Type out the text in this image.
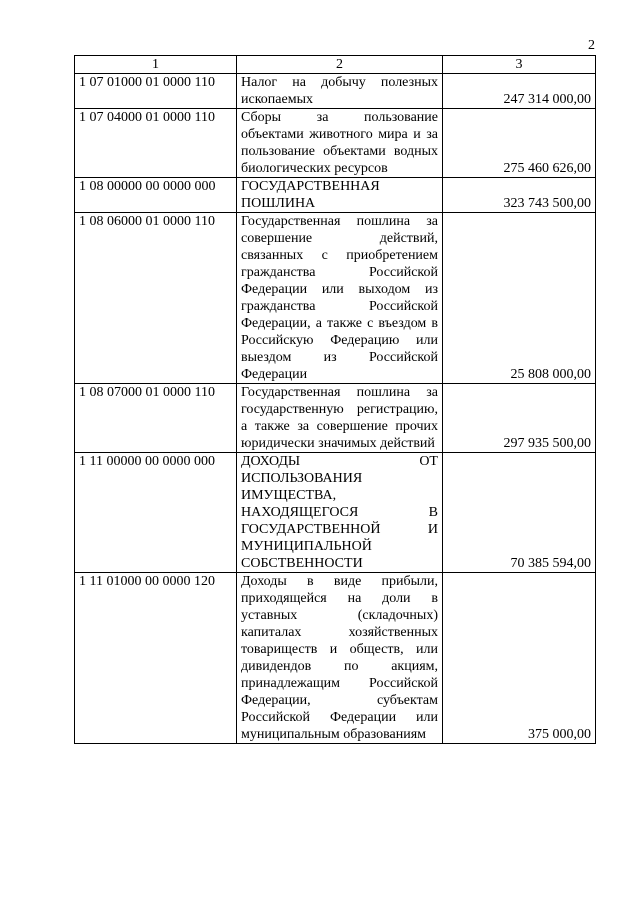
2
1	2	3
1 07 01000 01 0000 110	Налог на добычу полезных ископаемых	247 314 000,00
1 07 04000 01 0000 110	Сборы за пользование объектами животного мира и за пользование объектами водных биологических ресурсов	275 460 626,00
1 08 00000 00 0000 000	ГОСУДАРСТВЕННАЯ ПОШЛИНА	323 743 500,00
1 08 06000 01 0000 110	Государственная пошлина за совершение действий, связанных с приобретением гражданства Российской Федерации или выходом из гражданства Российской Федерации, а также с въездом в Российскую Федерацию или выездом из Российской Федерации	25 808 000,00
1 08 07000 01 0000 110	Государственная пошлина за государственную регистрацию, а также за совершение прочих юридически значимых действий	297 935 500,00
1 11 00000 00 0000 000	ДОХОДЫ ОТ ИСПОЛЬЗОВАНИЯ ИМУЩЕСТВА, НАХОДЯЩЕГОСЯ В ГОСУДАРСТВЕННОЙ И МУНИЦИПАЛЬНОЙ СОБСТВЕННОСТИ	70 385 594,00
1 11 01000 00 0000 120	Доходы в виде прибыли, приходящейся на доли в уставных (складочных) капиталах хозяйственных товариществ и обществ, или дивидендов по акциям, принадлежащим Российской Федерации, субъектам Российской Федерации или муниципальным образованиям	375 000,00
